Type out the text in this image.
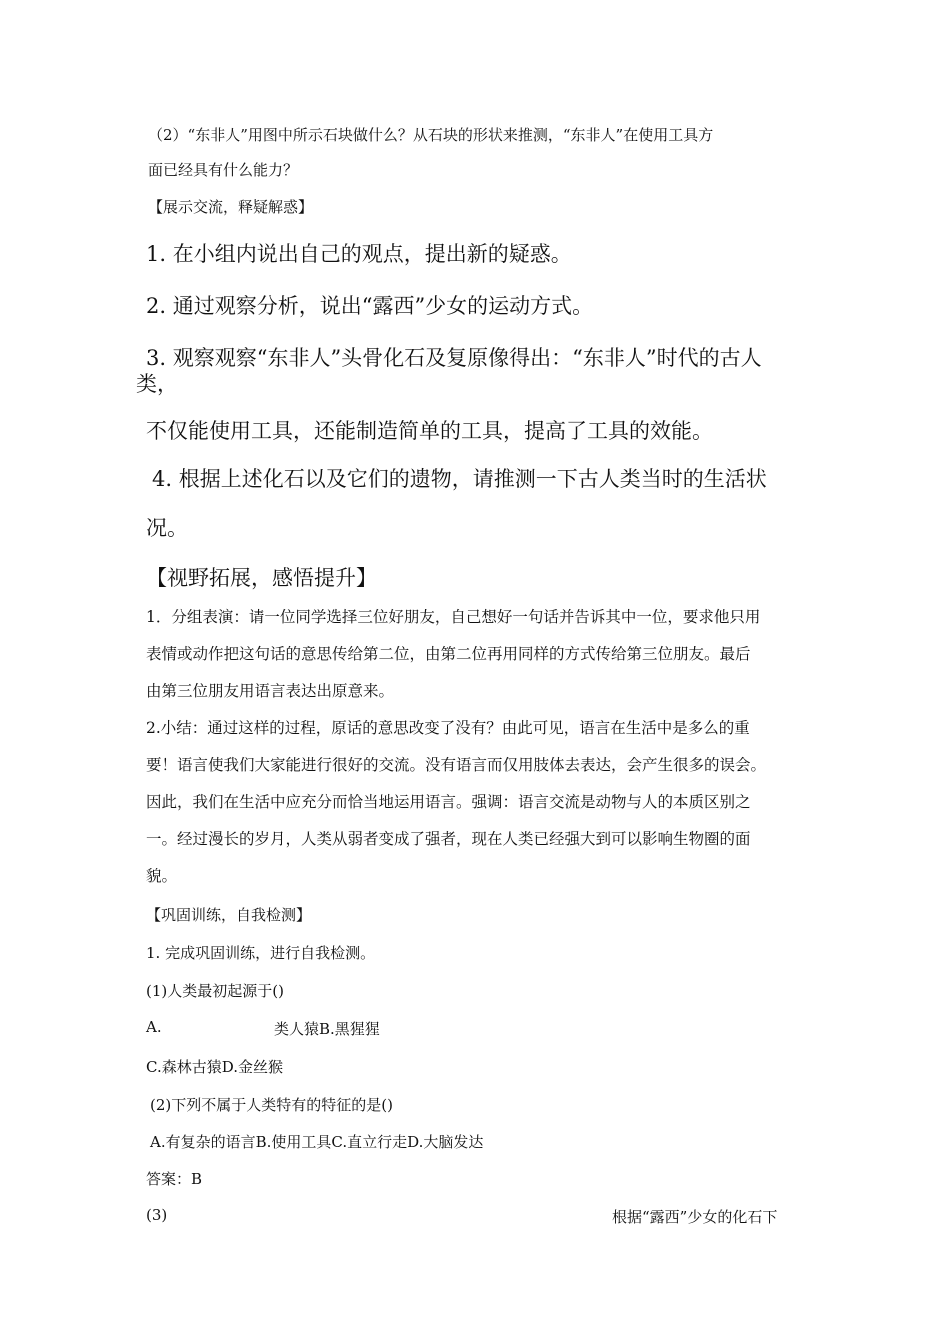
（2）“东非人”用图中所示石块做什么？从石块的形状来推测，“东非人”在使用工具方
面已经具有什么能力？
【展示交流，释疑解惑】
1. 在小组内说出自己的观点，提出新的疑惑。
2. 通过观察分析，说出“露西”少女的运动方式。
3. 观察观察“东非人”头骨化石及复原像得出：“东非人”时代的古人
类，
不仅能使用工具，还能制造简单的工具，提高了工具的效能。
4. 根据上述化石以及它们的遗物，请推测一下古人类当时的生活状
况。
【视野拓展，感悟提升】
1．分组表演：请一位同学选择三位好朋友，自己想好一句话并告诉其中一位，要求他只用
表情或动作把这句话的意思传给第二位，由第二位再用同样的方式传给第三位朋友。最后
由第三位朋友用语言表达出原意来。
2.小结：通过这样的过程，原话的意思改变了没有？由此可见，语言在生活中是多么的重
要！语言使我们大家能进行很好的交流。没有语言而仅用肢体去表达，会产生很多的误会。
因此，我们在生活中应充分而恰当地运用语言。强调：语言交流是动物与人的本质区别之
一。经过漫长的岁月，人类从弱者变成了强者，现在人类已经强大到可以影响生物圈的面
貌。
【巩固训练，自我检测】
1. 完成巩固训练，进行自我检测。
(1)人类最初起源于()
A.	类人猿B.黑猩猩
C.森林古猿D.金丝猴
(2)下列不属于人类特有的特征的是()
A.有复杂的语言B.使用工具C.直立行走D.大脑发达
答案：B
(3)	根据“露西”少女的化石下
